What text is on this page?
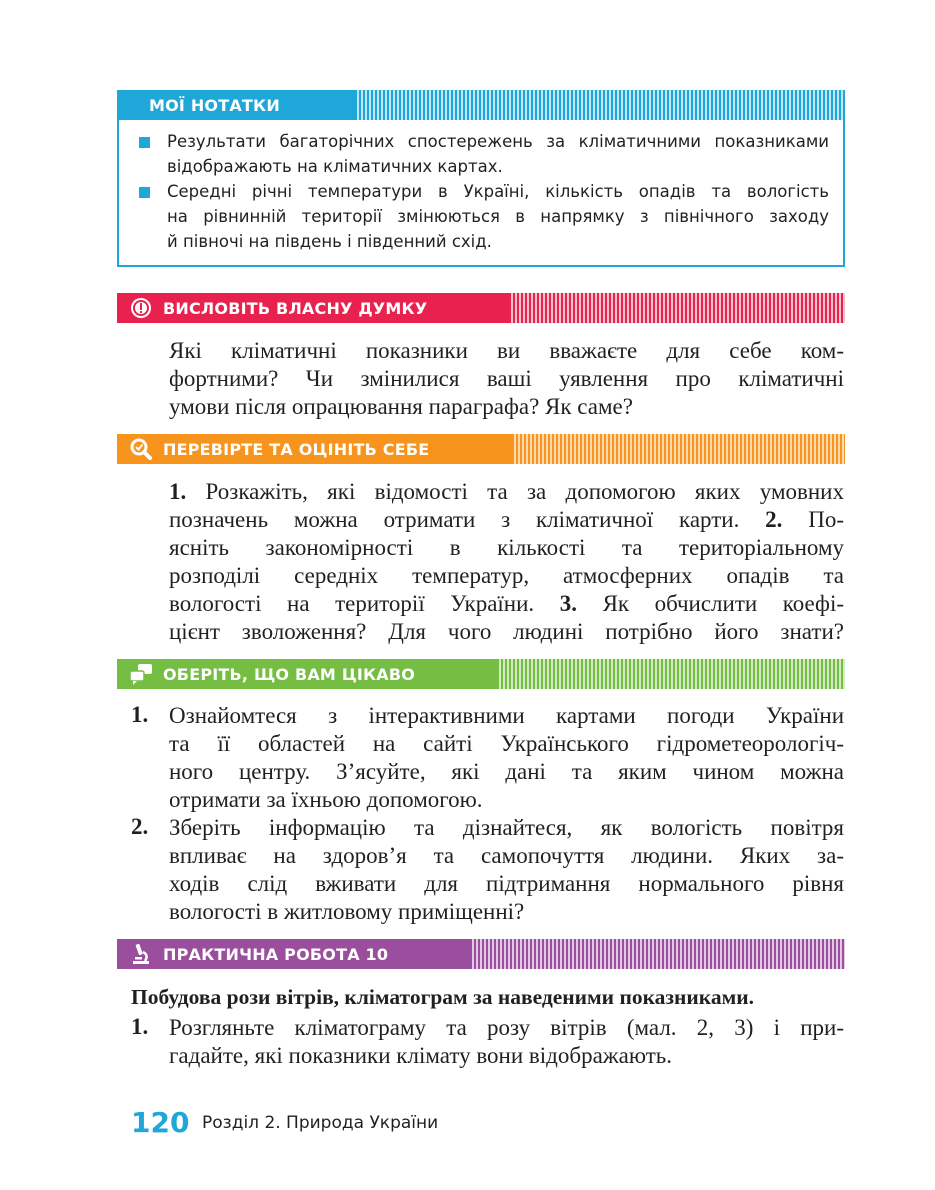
МОЇ НОТАТКИ
Результати багаторічних спостережень за кліматичними показниками
відображають на кліматичних картах.
Середні річні температури в Україні, кількість опадів та вологість
на рівнинній території змінюються в напрямку з північного заходу
й півночі на південь і південний схід.
ВИСЛОВІТЬ ВЛАСНУ ДУМКУ
Які кліматичні показники ви вважаєте для себе ком-
фортними? Чи змінилися ваші уявлення про кліматичні
умови після опрацювання параграфа? Як саме?
ПЕРЕВІРТЕ ТА ОЦІНІТЬ СЕБЕ
1. Розкажіть, які відомості та за допомогою яких умовних
позначень можна отримати з кліматичної карти. 2. По-
ясніть закономірності в кількості та територіальному
розподілі середніх температур, атмосферних опадів та
вологості на території України. 3. Як обчислити коефі-
цієнт зволоження? Для чого людині потрібно його знати?
ОБЕРІТЬ, ЩО ВАМ ЦІКАВО
1. Ознайомтеся з інтерактивними картами погоди України
та її областей на сайті Українського гідрометеорологіч-
ного центру. З’ясуйте, які дані та яким чином можна
отримати за їхньою допомогою.
2. Зберіть інформацію та дізнайтеся, як вологість повітря
впливає на здоров’я та самопочуття людини. Яких за-
ходів слід вживати для підтримання нормального рівня
вологості в житловому приміщенні?
ПРАКТИЧНА РОБОТА 10
Побудова рози вітрів, кліматограм за наведеними показниками.
1. Розгляньте кліматограму та розу вітрів (мал. 2, 3) і при-
гадайте, які показники клімату вони відображають.
120 Розділ 2. Природа України
